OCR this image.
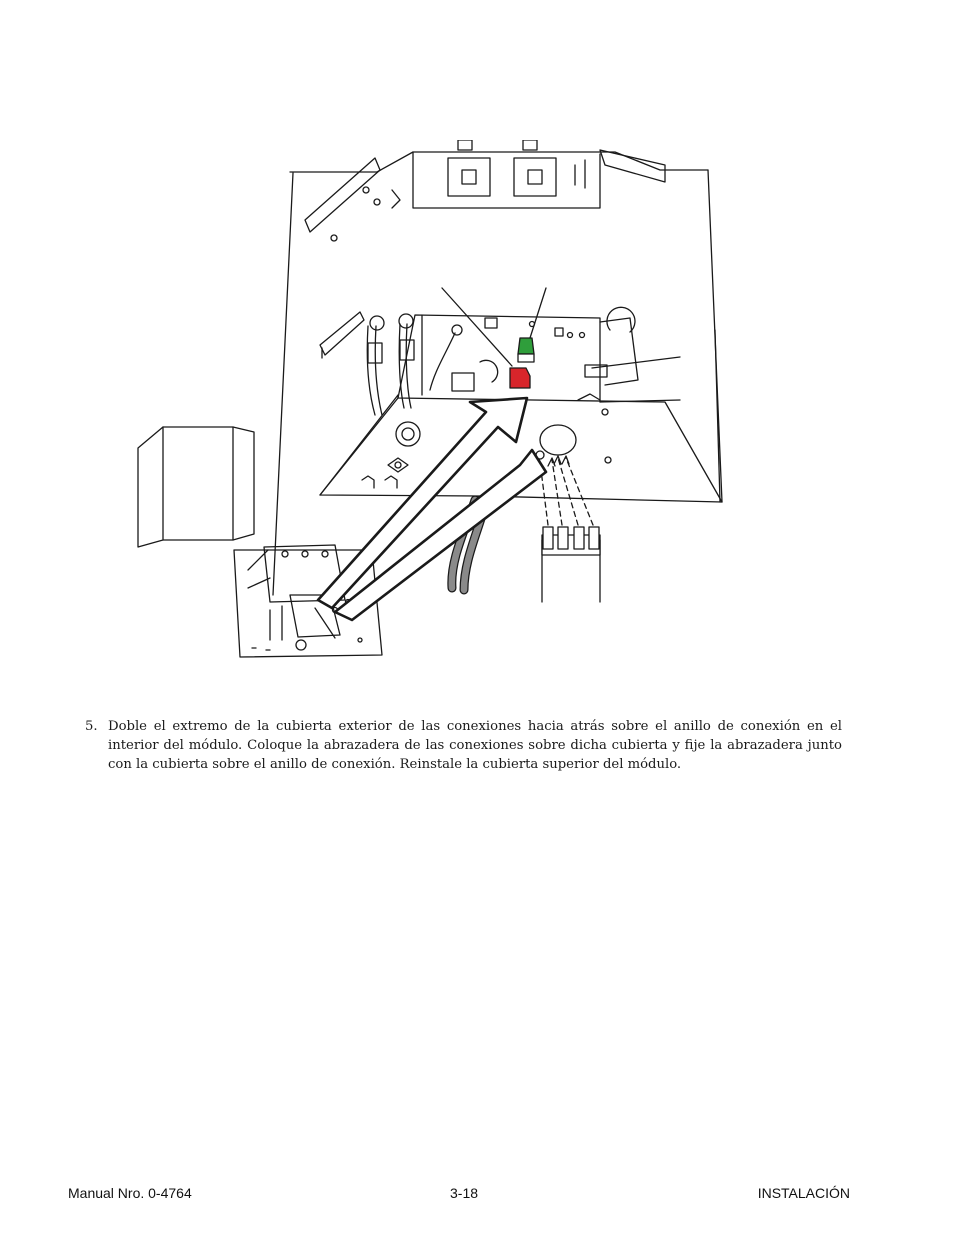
5. Doble el extremo de la cubierta exterior de las conexiones hacia atrás sobre el anillo de conexión en el interior del módulo. Coloque la abrazadera de las conexiones sobre dicha cubierta y fije la abrazadera junto con la cubierta sobre el anillo de conexión. Reinstale la cubierta superior del módulo.
Manual Nro. 0-4764	3-18	INSTALACIÓN
